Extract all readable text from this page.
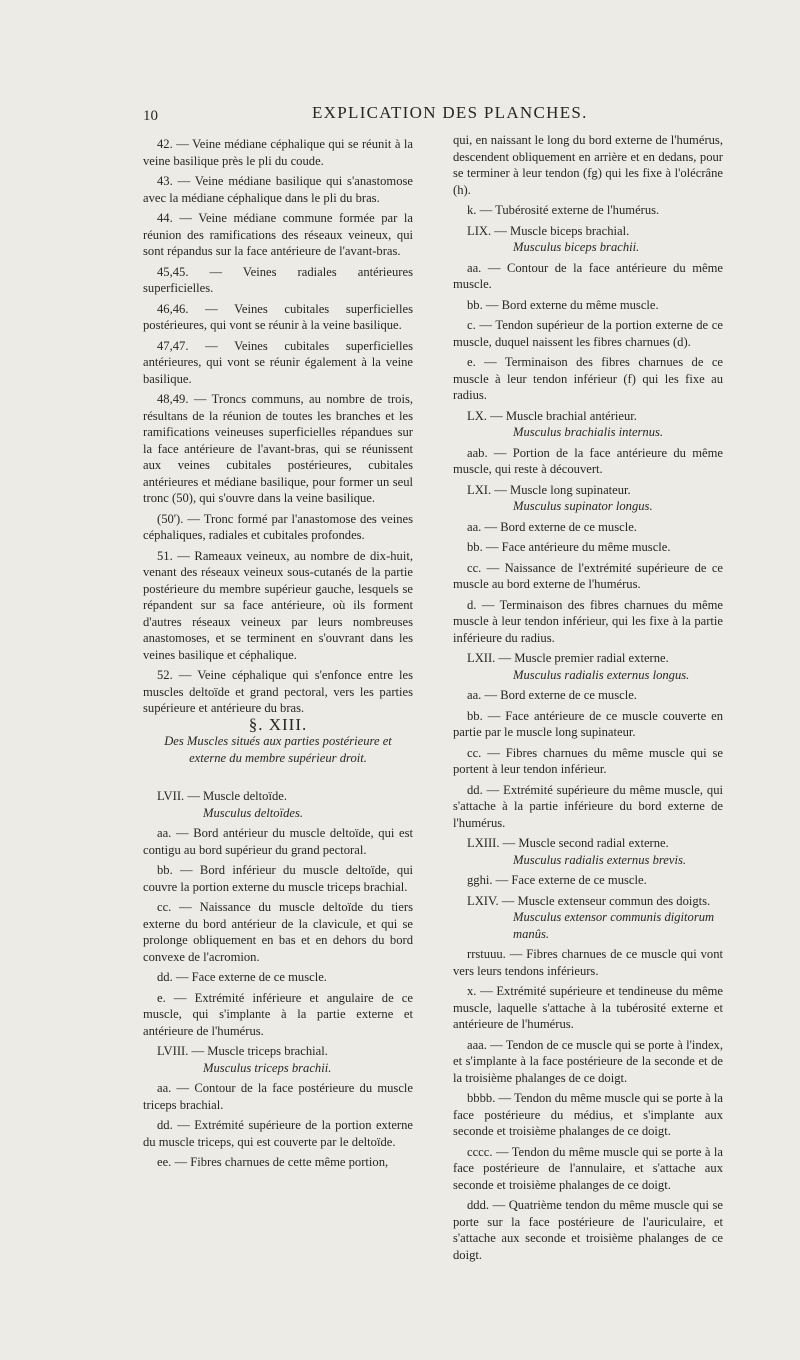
10	EXPLICATION DES PLANCHES.

42. — Veine médiane céphalique qui se réunit à la veine basilique près le pli du coude.

43. — Veine médiane basilique qui s'anastomose avec la médiane céphalique dans le pli du bras.

44. — Veine médiane commune formée par la réunion des ramifications des réseaux veineux, qui sont répandus sur la face antérieure de l'avant-bras.

45,45. — Veines radiales antérieures superficielles.

46,46. — Veines cubitales superficielles postérieures, qui vont se réunir à la veine basilique.

47,47. — Veines cubitales superficielles antérieures, qui vont se réunir également à la veine basilique.

48,49. — Troncs communs, au nombre de trois, résultans de la réunion de toutes les branches et les ramifications veineuses superficielles répandues sur la face antérieure de l'avant-bras, qui se réunissent aux veines cubitales postérieures, cubitales antérieures et médiane basilique, pour former un seul tronc (50), qui s'ouvre dans la veine basilique.

(50'). — Tronc formé par l'anastomose des veines céphaliques, radiales et cubitales profondes.

51. — Rameaux veineux, au nombre de dix-huit, venant des réseaux veineux sous-cutanés de la partie postérieure du membre supérieur gauche, lesquels se répandent sur sa face antérieure, où ils forment d'autres réseaux veineux par leurs nombreuses anastomoses, et se terminent en s'ouvrant dans les veines basilique et céphalique.

52. — Veine céphalique qui s'enfonce entre les muscles deltoïde et grand pectoral, vers les parties supérieure et antérieure du bras.

§. XIII.

Des Muscles situés aux parties postérieure et externe du membre supérieur droit.

LVII. — Muscle deltoïde.

Musculus deltoïdes.

aa. — Bord antérieur du muscle deltoïde, qui est contigu au bord supérieur du grand pectoral.

bb. — Bord inférieur du muscle deltoïde, qui couvre la portion externe du muscle triceps brachial.

cc. — Naissance du muscle deltoïde du tiers externe du bord antérieur de la clavicule, et qui se prolonge obliquement en bas et en dehors du bord convexe de l'acromion.

dd. — Face externe de ce muscle.

e. — Extrémité inférieure et angulaire de ce muscle, qui s'implante à la partie externe et antérieure de l'humérus.

LVIII. — Muscle triceps brachial.

Musculus triceps brachii.

aa. — Contour de la face postérieure du muscle triceps brachial.

dd. — Extrémité supérieure de la portion externe du muscle triceps, qui est couverte par le deltoïde.

ee. — Fibres charnues de cette même portion,

qui, en naissant le long du bord externe de l'humérus, descendent obliquement en arrière et en dedans, pour se terminer à leur tendon (fg) qui les fixe à l'olécrâne (h).

k. — Tubérosité externe de l'humérus.

LIX. — Muscle biceps brachial.

Musculus biceps brachii.

aa. — Contour de la face antérieure du même muscle.

bb. — Bord externe du même muscle.

c. — Tendon supérieur de la portion externe de ce muscle, duquel naissent les fibres charnues (d).

e. — Terminaison des fibres charnues de ce muscle à leur tendon inférieur (f) qui les fixe au radius.

LX. — Muscle brachial antérieur.

Musculus brachialis internus.

aab. — Portion de la face antérieure du même muscle, qui reste à découvert.

LXI. — Muscle long supinateur.

Musculus supinator longus.

aa. — Bord externe de ce muscle.

bb. — Face antérieure du même muscle.

cc. — Naissance de l'extrémité supérieure de ce muscle au bord externe de l'humérus.

d. — Terminaison des fibres charnues du même muscle à leur tendon inférieur, qui les fixe à la partie inférieure du radius.

LXII. — Muscle premier radial externe.

Musculus radialis externus longus.

aa. — Bord externe de ce muscle.

bb. — Face antérieure de ce muscle couverte en partie par le muscle long supinateur.

cc. — Fibres charnues du même muscle qui se portent à leur tendon inférieur.

dd. — Extrémité supérieure du même muscle, qui s'attache à la partie inférieure du bord externe de l'humérus.

LXIII. — Muscle second radial externe.

Musculus radialis externus brevis.

gghi. — Face externe de ce muscle.

LXIV. — Muscle extenseur commun des doigts.

Musculus extensor communis digitorum manûs.

rrstuuu. — Fibres charnues de ce muscle qui vont vers leurs tendons inférieurs.

x. — Extrémité supérieure et tendineuse du même muscle, laquelle s'attache à la tubérosité externe et antérieure de l'humérus.

aaa. — Tendon de ce muscle qui se porte à l'index, et s'implante à la face postérieure de la seconde et de la troisième phalanges de ce doigt.

bbbb. — Tendon du même muscle qui se porte à la face postérieure du médius, et s'implante aux seconde et troisième phalanges de ce doigt.

cccc. — Tendon du même muscle qui se porte à la face postérieure de l'annulaire, et s'attache aux seconde et troisième phalanges de ce doigt.

ddd. — Quatrième tendon du même muscle qui se porte sur la face postérieure de l'auriculaire, et s'attache aux seconde et troisième phalanges de ce doigt.
